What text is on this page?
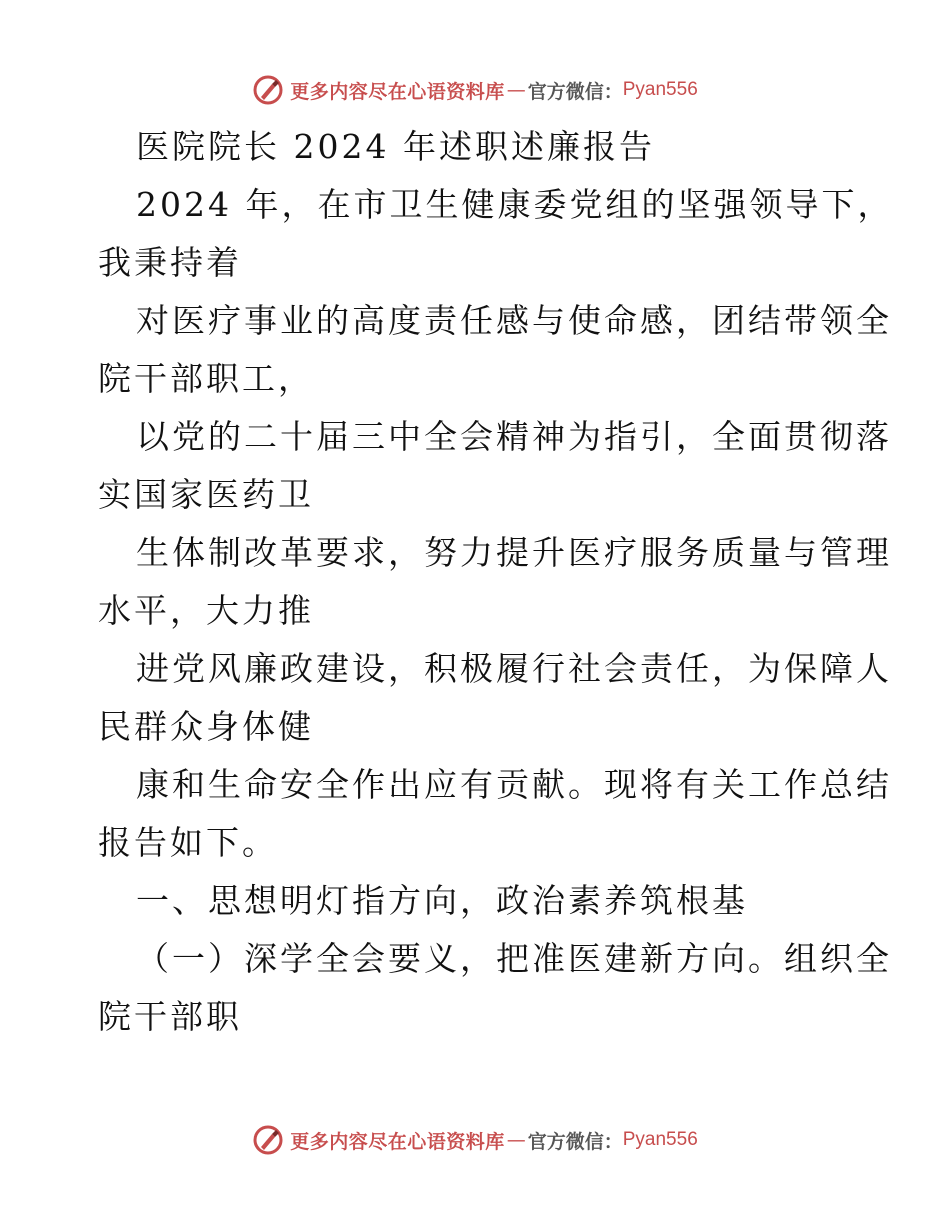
更多内容尽在心语资料库 — 官方微信： Pyan556
医院院长 2024 年述职述廉报告
2024 年，在市卫生健康委党组的坚强领导下，
我秉持着
对医疗事业的高度责任感与使命感，团结带领全
院干部职工，
以党的二十届三中全会精神为指引，全面贯彻落
实国家医药卫
生体制改革要求，努力提升医疗服务质量与管理
水平，大力推
进党风廉政建设，积极履行社会责任，为保障人
民群众身体健
康和生命安全作出应有贡献。现将有关工作总结
报告如下。
一、思想明灯指方向，政治素养筑根基
（一）深学全会要义，把准医建新方向。组织全
院干部职
更多内容尽在心语资料库 — 官方微信： Pyan556
